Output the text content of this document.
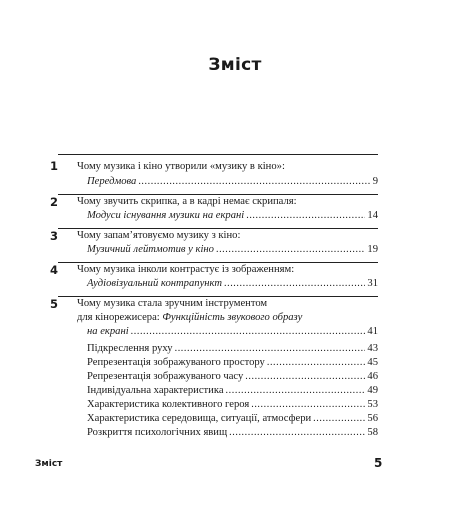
Зміст
1 Чому музика і кіно утворили «музику в кіно»:
Передмова .....	9
2 Чому звучить скрипка, а в кадрі немає скрипаля:
Модуси існування музики на екрані .....	14
3 Чому запам’ятовуємо музику з кіно:
Музичний лейтмотив у кіно .....	19
4 Чому музика інколи контрастує із зображенням:
Аудіовізуальний контрапункт .....	31
5 Чому музика стала зручним інструментом
для кінорежисера: Функційність звукового образу
на екрані .....	41
Підкреслення руху .....	43
Репрезентація зображуваного простору .....	45
Репрезентація зображуваного часу .....	46
Індивідуальна характеристика .....	49
Характеристика колективного героя .....	53
Характеристика середовища, ситуації, атмосфери .....	56
Розкриття психологічних явищ .....	58
Зміст	5
